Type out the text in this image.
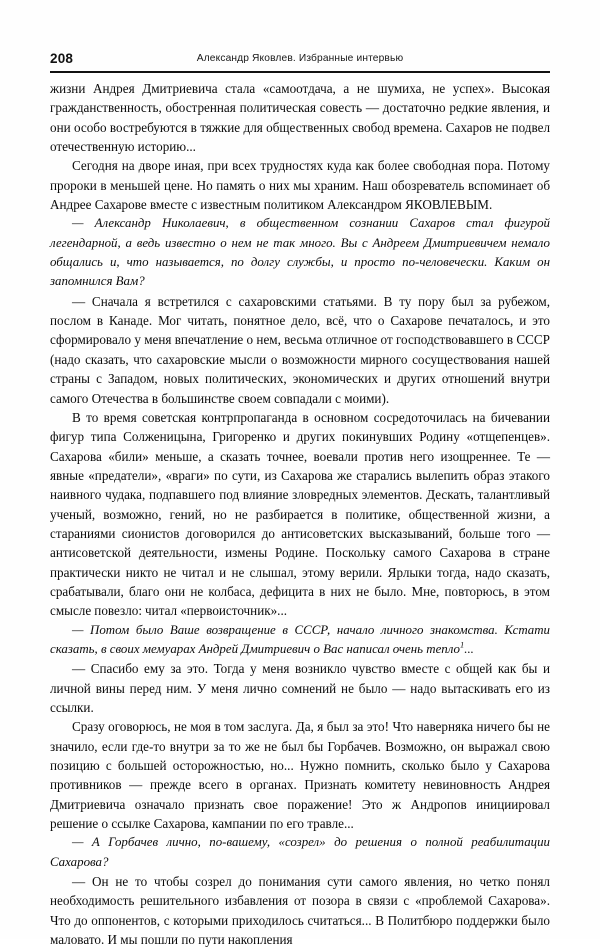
208	Александр Яковлев. Избранные интервью

жизни Андрея Дмитриевича стала «самоотдача, а не шумиха, не успех». Высокая гражданственность, обостренная политическая совесть — достаточно редкие явления, и они особо востребуются в тяжкие для общественных свобод времена. Сахаров не подвел отечественную историю...

Сегодня на дворе иная, при всех трудностях куда как более свободная пора. Потому пророки в меньшей цене. Но память о них мы храним. Наш обозреватель вспоминает об Андрее Сахарове вместе с известным политиком Александром ЯКОВЛЕВЫМ.

— Александр Николаевич, в общественном сознании Сахаров стал фигурой легендарной, а ведь известно о нем не так много. Вы с Андреем Дмитриевичем немало общались и, что называется, по долгу службы, и просто по-человечески. Каким он запомнился Вам?

— Сначала я встретился с сахаровскими статьями. В ту пору был за рубежом, послом в Канаде. Мог читать, понятное дело, всё, что о Сахарове печаталось, и это сформировало у меня впечатление о нем, весьма отличное от господствовавшего в СССР (надо сказать, что сахаровские мысли о возможности мирного сосуществования нашей страны с Западом, новых политических, экономических и других отношений внутри самого Отечества в большинстве своем совпадали с моими).

В то время советская контрпропаганда в основном сосредоточилась на бичевании фигур типа Солженицына, Григоренко и других покинувших Родину «отщепенцев». Сахарова «били» меньше, а сказать точнее, воевали против него изощреннее. Те — явные «предатели», «враги» по сути, из Сахарова же старались вылепить образ этакого наивного чудака, подпавшего под влияние зловредных элементов. Дескать, талантливый ученый, возможно, гений, но не разбирается в политике, общественной жизни, а стараниями сионистов договорился до антисоветских высказываний, больше того — антисоветской деятельности, измены Родине. Поскольку самого Сахарова в стране практически никто не читал и не слышал, этому верили. Ярлыки тогда, надо сказать, срабатывали, благо они не колбаса, дефицита в них не было. Мне, повторюсь, в этом смысле повезло: читал «первоисточник»...

— Потом было Ваше возвращение в СССР, начало личного знакомства. Кстати сказать, в своих мемуарах Андрей Дмитриевич о Вас написал очень тепло$^1$...

— Спасибо ему за это. Тогда у меня возникло чувство вместе с общей как бы и личной вины перед ним. У меня лично сомнений не было — надо вытаскивать его из ссылки.

Сразу оговорюсь, не моя в том заслуга. Да, я был за это! Что наверняка ничего бы не значило, если где-то внутри за то же не был бы Горбачев. Возможно, он выражал свою позицию с большей осторожностью, но... Нужно помнить, сколько было у Сахарова противников — прежде всего в органах. Признать комитету невиновность Андрея Дмитриевича означало признать свое поражение! Это ж Андропов инициировал решение о ссылке Сахарова, кампании по его травле...

— А Горбачев лично, по-вашему, «созрел» до решения о полной реабилитации Сахарова?

— Он не то чтобы созрел до понимания сути самого явления, но четко понял необходимость решительного избавления от позора в связи с «проблемой Сахарова». Что до оппонентов, с которыми приходилось считаться... В Политбюро поддержки было маловато. И мы пошли по пути накопления
